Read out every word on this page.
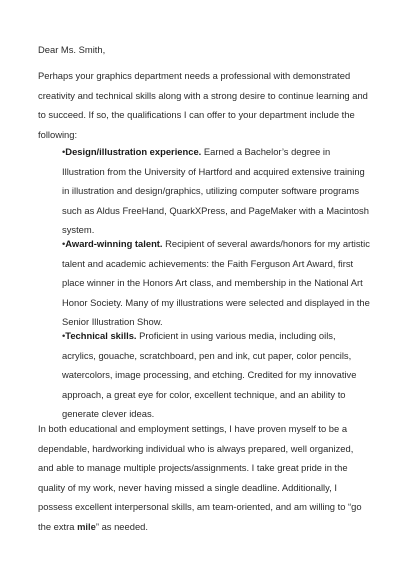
Dear Ms. Smith,

Perhaps your graphics department needs a professional with demonstrated creativity and technical skills along with a strong desire to continue learning and to succeed. If so, the qualifications I can offer to your department include the following:

•Design/illustration experience. Earned a Bachelor’s degree in Illustration from the University of Hartford and acquired extensive training in illustration and design/graphics, utilizing computer software programs such as Aldus FreeHand, QuarkXPress, and PageMaker with a Macintosh system.

•Award-winning talent. Recipient of several awards/honors for my artistic talent and academic achievements: the Faith Ferguson Art Award, first place winner in the Honors Art class, and membership in the National Art Honor Society. Many of my illustrations were selected and displayed in the Senior Illustration Show.

•Technical skills. Proficient in using various media, including oils, acrylics, gouache, scratchboard, pen and ink, cut paper, color pencils, watercolors, image processing, and etching. Credited for my innovative approach, a great eye for color, excellent technique, and an ability to generate clever ideas.

In both educational and employment settings, I have proven myself to be a dependable, hardworking individual who is always prepared, well organized, and able to manage multiple projects/assignments. I take great pride in the quality of my work, never having missed a single deadline. Additionally, I possess excellent interpersonal skills, am team-oriented, and am willing to “go the extra mile” as needed.
